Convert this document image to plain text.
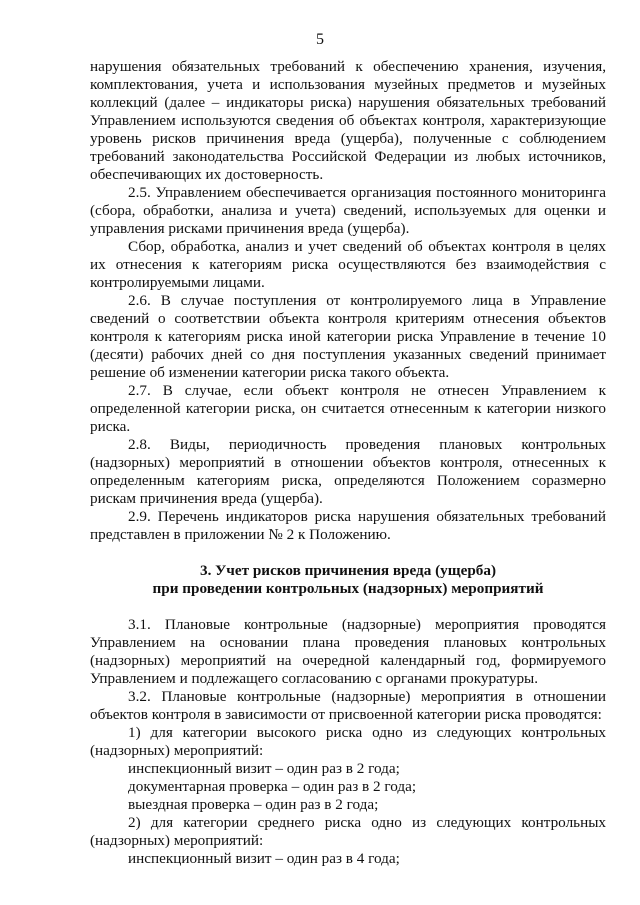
5

нарушения обязательных требований к обеспечению хранения, изучения, комплектования, учета и использования музейных предметов и музейных коллекций (далее – индикаторы риска) нарушения обязательных требований Управлением используются сведения об объектах контроля, характеризующие уровень рисков причинения вреда (ущерба), полученные с соблюдением требований законодательства Российской Федерации из любых источников, обеспечивающих их достоверность.

2.5. Управлением обеспечивается организация постоянного мониторинга (сбора, обработки, анализа и учета) сведений, используемых для оценки и управления рисками причинения вреда (ущерба).

Сбор, обработка, анализ и учет сведений об объектах контроля в целях их отнесения к категориям риска осуществляются без взаимодействия с контролируемыми лицами.

2.6. В случае поступления от контролируемого лица в Управление сведений о соответствии объекта контроля критериям отнесения объектов контроля к категориям риска иной категории риска Управление в течение 10 (десяти) рабочих дней со дня поступления указанных сведений принимает решение об изменении категории риска такого объекта.

2.7. В случае, если объект контроля не отнесен Управлением к определенной категории риска, он считается отнесенным к категории низкого риска.

2.8. Виды, периодичность проведения плановых контрольных (надзорных) мероприятий в отношении объектов контроля, отнесенных к определенным категориям риска, определяются Положением соразмерно рискам причинения вреда (ущерба).

2.9. Перечень индикаторов риска нарушения обязательных требований представлен в приложении № 2 к Положению.

3. Учет рисков причинения вреда (ущерба)

при проведении контрольных (надзорных) мероприятий

3.1. Плановые контрольные (надзорные) мероприятия проводятся Управлением на основании плана проведения плановых контрольных (надзорных) мероприятий на очередной календарный год, формируемого Управлением и подлежащего согласованию с органами прокуратуры.

3.2. Плановые контрольные (надзорные) мероприятия в отношении объектов контроля в зависимости от присвоенной категории риска проводятся:

1) для категории высокого риска одно из следующих контрольных (надзорных) мероприятий:

инспекционный визит – один раз в 2 года;

документарная проверка – один раз в 2 года;

выездная проверка – один раз в 2 года;

2) для категории среднего риска одно из следующих контрольных (надзорных) мероприятий:

инспекционный визит – один раз в 4 года;
